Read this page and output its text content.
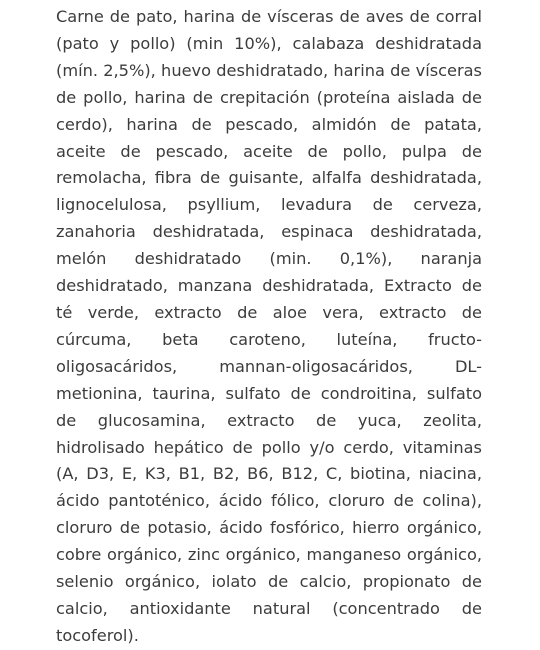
Carne de pato, harina de vísceras de aves de corral (pato y pollo) (min 10%), calabaza deshidratada (mín. 2,5%), huevo deshidratado, harina de vísceras de pollo, harina de crepitación (proteína aislada de cerdo), harina de pescado, almidón de patata, aceite de pescado, aceite de pollo, pulpa de remolacha, fibra de guisante, alfalfa deshidratada, lignocelulosa, psyllium, levadura de cerveza, zanahoria deshidratada, espinaca deshidratada, melón deshidratado (min. 0,1%), naranja deshidratado, manzana deshidratada, Extracto de té verde, extracto de aloe vera, extracto de cúrcuma, beta caroteno, luteína, fructo-oligosacáridos, mannan-oligosacáridos, DL-metionina, taurina, sulfato de condroitina, sulfato de glucosamina, extracto de yuca, zeolita, hidrolisado hepático de pollo y/o cerdo, vitaminas (A, D3, E, K3, B1, B2, B6, B12, C, biotina, niacina, ácido pantoténico, ácido fólico, cloruro de colina), cloruro de potasio, ácido fosfórico, hierro orgánico, cobre orgánico, zinc orgánico, manganeso orgánico, selenio orgánico, iolato de calcio, propionato de calcio, antioxidante natural (concentrado de tocoferol).
